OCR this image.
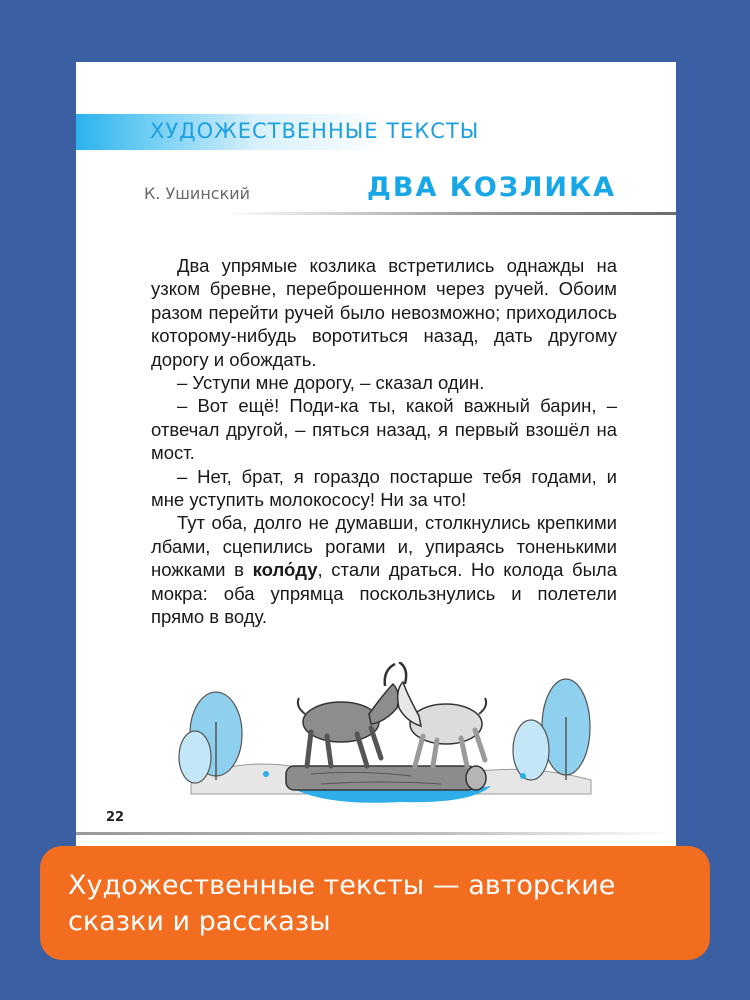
ХУДОЖЕСТВЕННЫЕ ТЕКСТЫ
К. Ушинский	ДВА КОЗЛИКА

Два упрямые козлика встретились однажды на узком бревне, переброшенном через ручей. Обоим разом перейти ручей было невозможно; приходилось которому-нибудь воротиться назад, дать другому дорогу и обождать.

– Уступи мне дорогу, – сказал один.

– Вот ещё! Поди-ка ты, какой важный барин, – отвечал другой, – пяться назад, я первый взошёл на мост.

– Нет, брат, я гораздо постарше тебя годами, и мне уступить молокососу! Ни за что!

Тут оба, долго не думавши, столкнулись крепкими лбами, сцепились рогами и, упираясь тоненькими ножками в коло́ду, стали драться. Но колода была мокра: оба упрямца поскользнулись и полетели прямо в воду.

22
Художественные тексты — авторские сказки и рассказы
